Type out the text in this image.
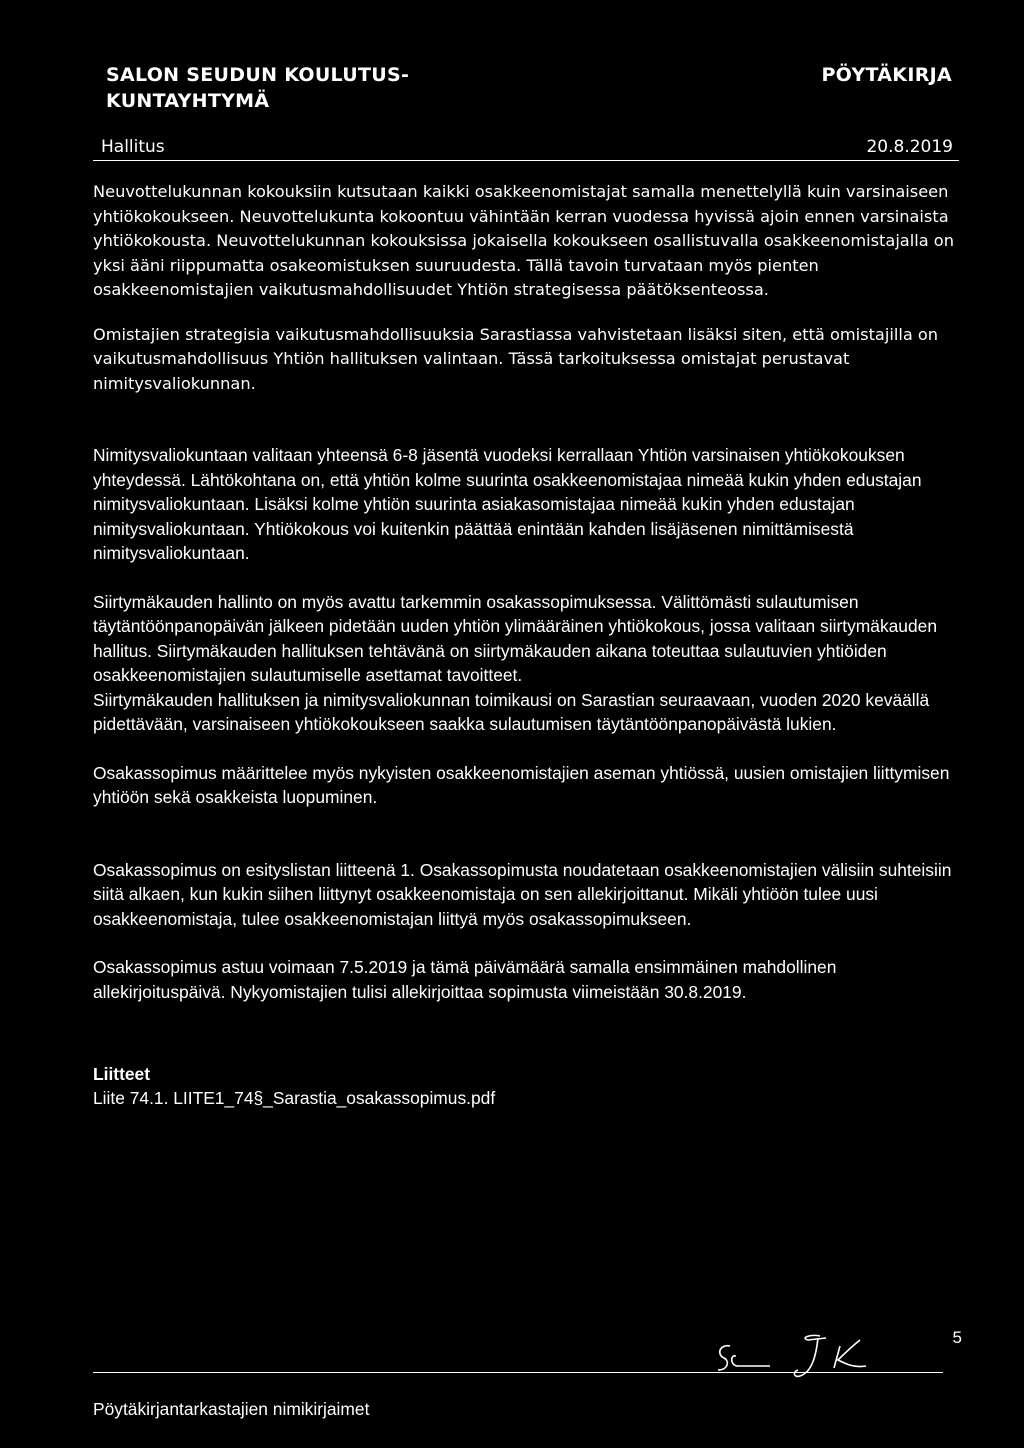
SALON SEUDUN KOULUTUS-
KUNTAYHTYMÄ
PÖYTÄKIRJA
Hallitus	20.8.2019

Neuvottelukunnan kokouksiin kutsutaan kaikki osakkeenomistajat samalla menettelyllä kuin varsinaiseen yhtiökokoukseen. Neuvottelukunta kokoontuu vähintään kerran vuodessa hyvissä ajoin ennen varsinaista yhtiökokousta. Neuvottelukunnan kokouksissa jokaisella kokoukseen osallistuvalla osakkeenomistajalla on yksi ääni riippumatta osakeomistuksen suuruudesta. Tällä tavoin turvataan myös pienten osakkeenomistajien vaikutusmahdollisuudet Yhtiön strategisessa päätöksenteossa.

Omistajien strategisia vaikutusmahdollisuuksia Sarastiassa vahvistetaan lisäksi siten, että omistajilla on vaikutusmahdollisuus Yhtiön hallituksen valintaan. Tässä tarkoituksessa omistajat perustavat nimitysvaliokunnan.

Nimitysvaliokuntaan valitaan yhteensä 6-8 jäsentä vuodeksi kerrallaan Yhtiön varsinaisen yhtiökokouksen yhteydessä. Lähtökohtana on, että yhtiön kolme suurinta osakkeenomistajaa nimeää kukin yhden edustajan nimitysvaliokuntaan. Lisäksi kolme yhtiön suurinta asiakasomistajaa nimeää kukin yhden edustajan nimitysvaliokuntaan. Yhtiökokous voi kuitenkin päättää enintään kahden lisäjäsenen nimittämisestä nimitysvaliokuntaan.

Siirtymäkauden hallinto on myös avattu tarkemmin osakassopimuksessa. Välittömästi sulautumisen täytäntöönpanopäivän jälkeen pidetään uuden yhtiön ylimääräinen yhtiökokous, jossa valitaan siirtymäkauden hallitus. Siirtymäkauden hallituksen tehtävänä on siirtymäkauden aikana toteuttaa sulautuvien yhtiöiden osakkeenomistajien sulautumiselle asettamat tavoitteet.

Siirtymäkauden hallituksen ja nimitysvaliokunnan toimikausi on Sarastian seuraavaan, vuoden 2020 keväällä pidettävään, varsinaiseen yhtiökokoukseen saakka sulautumisen täytäntöönpanopäivästä lukien.

Osakassopimus määrittelee myös nykyisten osakkeenomistajien aseman yhtiössä, uusien omistajien liittymisen yhtiöön sekä osakkeista luopuminen.

Osakassopimus on esityslistan liitteenä 1. Osakassopimusta noudatetaan osakkeenomistajien välisiin suhteisiin siitä alkaen, kun kukin siihen liittynyt osakkeenomistaja on sen allekirjoittanut. Mikäli yhtiöön tulee uusi osakkeenomistaja, tulee osakkeenomistajan liittyä myös osakassopimukseen.

Osakassopimus astuu voimaan 7.5.2019 ja tämä päivämäärä samalla ensimmäinen mahdollinen allekirjoituspäivä. Nykyomistajien tulisi allekirjoittaa sopimusta viimeistään 30.8.2019.

Liitteet
Liite 74.1. LIITE1_74§_Sarastia_osakassopimus.pdf
5
Pöytäkirjantarkastajien nimikirjaimet
